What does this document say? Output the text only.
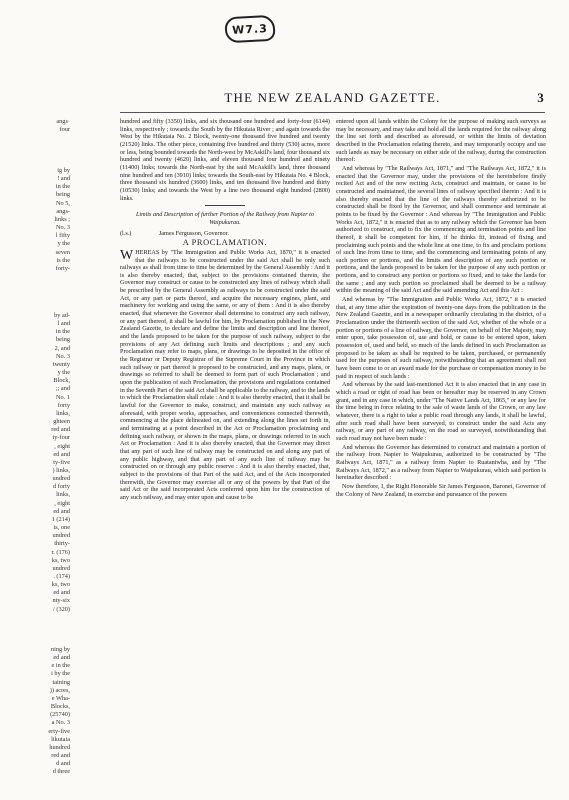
W7.3
THE NEW ZEALAND GAZETTE.	3
angs·
four

ig by
! and
in the
being
No 5,
angs-
links ;
No. 3
l fifty
y the
seven
is the
forty-
by ad-
l and
in the
being
2, and
No. 3
twenty
y the
Block,
;; and
No. 1
forty
links,
ghteen
red and
ty-four
, eight
ed and
ty-five
) links,
undred
d forty
links,
, eight
ed and
1 (214)
ts, one
undred
thirty-
r. (176)
ks, two
undred
. (174)
ks, two
ed and
nty-six
/ (320)
ning by
ed and
e in the
i by the
taining
)) acres,
e Wha-
Blocks,
(25740)
a No. 3
erty-five
likutaia
hundred
red and
d and
d three

hundred and fifty (3350) links, and six thousand one hundred and forty-four (6144) links, respectively ; towards the South by the Hikutaia River ; and again towards the West by the Hikutaia No. 2 Block, twenty-one thousand five hundred and twenty (21520) links. The other piece, containing five hundred and thirty (530) acres, more or less, being bounded towards the North-west by McAskill's land, four thousand six hundred and twenty (4620) links, and eleven thousand four hundred and ninety (11400) links; towards the North-east by the said McAskill's land, three thousand nine hundred and ten (3910) links; towards the South-east by Hikutaia No. 4 Block, three thousand six hundred (3600) links, and ten thousand five hundred and thirty (10530) links; and towards the West by a line two thousand eight hundred (2800) links.

Limits and Description of further Portion of the Railway from Napier to Waipukurau.

(l.s.)	James Fergusson, Governor.

A PROCLAMATION.

WHEREAS by "The Immigration and Public Works Act, 1870," it is enacted that the railways to be constructed under the said Act shall be only such railways as shall from time to time be determined by the General Assembly : And it is also thereby enacted, that, subject to the provisions contained therein, the Governor may construct or cause to be constructed any lines of railway which shall be prescribed by the General Assembly as railways to be constructed under the said Act, or any part or parts thereof, and acquire the necessary engines, plant, and machinery for working and using the same, or any of them : And it is also thereby enacted, that whenever the Governor shall determine to construct any such railway, or any part thereof, it shall be lawful for him, by Proclamation published in the New Zealand Gazette, to declare and define the limits and description and line thereof, and the lands proposed to be taken for the purpose of such railway, subject to the provisions of any Act defining such limits and descriptions ; and any such Proclamation may refer to maps, plans, or drawings to be deposited in the office of the Registrar or Deputy Registrar of the Supreme Court in the Province in which such railway or part thereof is proposed to be constructed, and any maps, plans, or drawings so referred to shall be deemed to form part of such Proclamation ; and upon the publication of such Proclamation, the provisions and regulations contained in the Seventh Part of the said Act shall be applicable to the railway, and to the lands to which the Proclamation shall relate : And it is also thereby enacted, that it shall be lawful for the Governor to make, construct, and maintain any such railway as aforesaid, with proper works, approaches, and conveniences connected therewith, commencing at the place delineated on, and extending along the lines set forth in, and terminating at a point described in the Act or Proclamation proclaiming and defining such railway, or shown in the maps, plans, or drawings referred to in such Act or Proclamation : And it is also thereby enacted, that the Governor may direct that any part of such line of railway may be constructed on and along any part of any public highway, and that any part of any such line of railway may be constructed on or through any public reserve : And it is also thereby enacted, that, subject to the provisions of that Part of the said Act, and of the Acts incorporated therewith, the Governor may exercise all or any of the powers by that Part of the said Act or the said incorporated Acts conferred upon him for the construction of any such railway, and may enter upon and cause to be

entered upon all lands within the Colony for the purpose of making such surveys as may be necessary, and may take and hold all the lands required for the railway along the line set forth and described as aforesaid, or within the limits of deviation described in the Proclamation relating thereto, and may temporarily occupy and use such lands as may be necessary on either side of the railway, during the construction thereof:

And whereas by "The Railways Act, 1871," and "The Railways Act, 1872," it is enacted that the Governor may, under the provisions of the hereinbefore firstly recited Act and of the now reciting Acts, construct and maintain, or cause to be constructed and maintained, the several lines of railway specified therein : And it is also thereby enacted that the line of the railways thereby authorized to be constructed shall be fixed by the Governor, and shall commence and terminate at points to be fixed by the Governor : And whereas by "The Immigration and Public Works Act, 1872," it is enacted that as to any railway which the Governor has been authorized to construct, and to fix the commencing and termination points and line thereof, it shall be competent for him, if he thinks fit, instead of fixing and proclaiming such points and the whole line at one time, to fix and proclaim portions of such line from time to time, and the commencing and terminating points of any such portion or portions, and the limits and description of any such portion or portions, and the lands proposed to be taken for the purpose of any such portion or portions, and to construct any portion or portions so fixed, and to take the lands for the same ; and any such portion so proclaimed shall be deemed to be a railway within the meaning of the said Act and the said amending Act and this Act :

And whereas by "The Immigration and Public Works Act, 1872," it is enacted that, at any time after the expiration of twenty-one days from the publication in the New Zealand Gazette, and in a newspaper ordinarily circulating in the district, of a Proclamation under the thirteenth section of the said Act, whether of the whole or a portion or portions of a line of railway, the Governor, on behalf of Her Majesty, may enter upon, take possession of, use and hold, or cause to be entered upon, taken possession of, used and held, so much of the lands defined in such Proclamation as proposed to be taken as shall be required to be taken, purchased, or permanently used for the purposes of such railway, notwithstanding that an agreement shall not have been come to or an award made for the purchase or compensation money to be paid in respect of such lands :

And whereas by the said last-mentioned Act it is also enacted that in any case in which a road or right of road has been or hereafter may be reserved in any Crown grant, and in any case in which, under "The Native Lands Act, 1865," or any law for the time being in force relating to the sale of waste lands of the Crown, or any law whatever, there is a right to take a public road through any lands, it shall be lawful, after such road shall have been surveyed, to construct under the said Acts any railway, or any part of any railway, on the road so surveyed, notwithstanding that such road may not have been made :

And whereas the Governor has determined to construct and maintain a portion of the railway from Napier to Waipukurau, authorized to be constructed by "The Railways Act, 1871," as a railway from Napier to Ruataniwha, and by "The Railways Act, 1872," as a railway from Napier to Waipukurau, which said portion is hereinafter described :

Now therefore, I, the Right Honorable Sir James Fergusson, Baronet, Governor of the Colony of New Zealand, in exercise and pursuance of the powers
